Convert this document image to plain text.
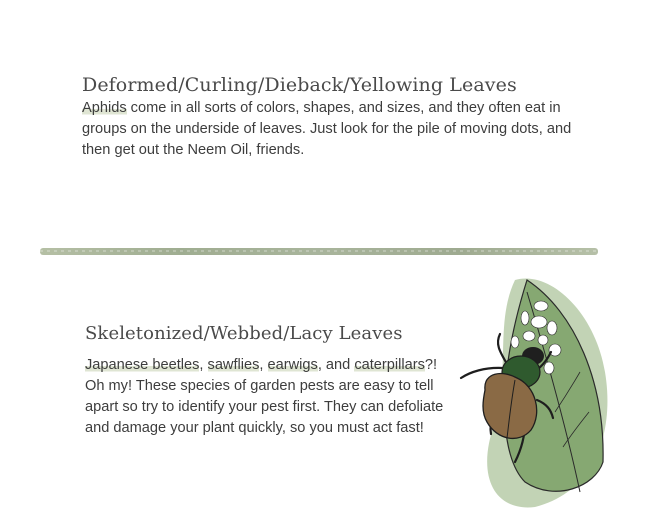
Deformed/Curling/Dieback/Yellowing Leaves

Aphids come in all sorts of colors, shapes, and sizes, and they often eat in groups on the underside of leaves. Just look for the pile of moving dots, and then get out the Neem Oil, friends.

Skeletonized/Webbed/Lacy Leaves

Japanese beetles, sawflies, earwigs, and caterpillars?! Oh my! These species of garden pests are easy to tell apart so try to identify your pest first. They can defoliate and damage your plant quickly, so you must act fast!
